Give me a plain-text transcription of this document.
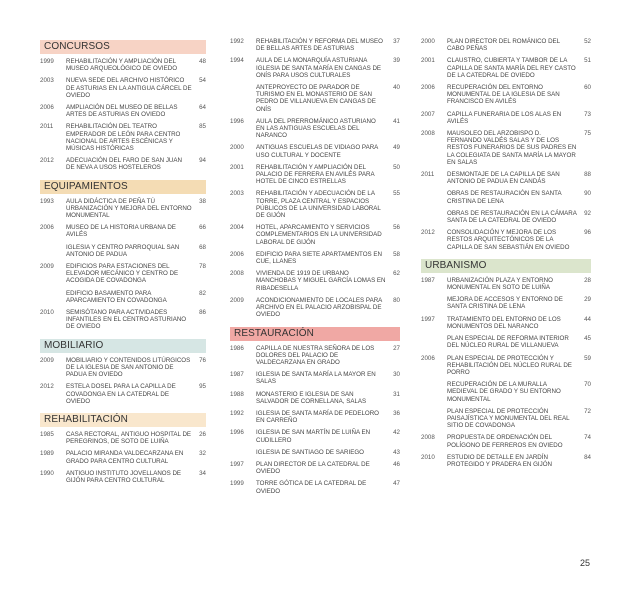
CONCURSOS
1999 REHABILITACIÓN Y AMPLIACIÓN DEL MUSEO ARQUEOLÓGICO DE OVIEDO
48
2003 NUEVA SEDE DEL ARCHIVO HISTÓRICO DE ASTURIAS EN LA ANTIGUA CÁRCEL DE OVIEDO
54
2006 AMPLIACIÓN DEL MUSEO DE BELLAS ARTES DE ASTURIAS EN OVIEDO
64
2011 REHABILITACIÓN DEL TEATRO EMPERADOR DE LEÓN PARA CENTRO NACIONAL DE ARTES ESCÉNICAS Y MÚSICAS HISTÓRICAS
85
2012 ADECUACIÓN DEL FARO DE SAN JUAN DE NEVA A USOS HOSTELEROS
94
EQUIPAMIENTOS
1993 AULA DIDÁCTICA DE PEÑA TÚ URBANIZACIÓN Y MEJORA DEL ENTORNO MONUMENTAL
38
2006 MUSEO DE LA HISTORIA URBANA DE AVILÉS
66
IGLESIA Y CENTRO PARROQUIAL SAN ANTONIO DE PADUA
68
2009 EDIFICIOS PARA ESTACIONES DEL ELEVADOR MECÁNICO Y CENTRO DE ACOGIDA DE COVADONGA
78
EDIFICIO BASAMENTO PARA APARCAMIENTO EN COVADONGA
82
2010 SEMISÓTANO PARA ACTIVIDADES INFANTILES EN EL CENTRO ASTURIANO DE OVIEDO
86
MOBILIARIO
2009 MOBILIARIO Y CONTENIDOS LITÚRGICOS DE LA IGLESIA DE SAN ANTONIO DE PADUA EN OVIEDO
76
2012 ESTELA DOSEL PARA LA CAPILLA DE COVADONGA EN LA CATEDRAL DE OVIEDO
95
REHABILITACIÓN
1985 CASA RECTORAL, ANTIGUO HOSPITAL DE PEREGRINOS, DE SOTO DE LUIÑA
26
1989 PALACIO MIRANDA VALDECARZANA EN GRADO PARA CENTRO CULTURAL
32
1990 ANTIGUO INSTITUTO JOVELLANOS DE GIJÓN PARA CENTRO CULTURAL
34
1992 REHABILITACIÓN Y REFORMA DEL MUSEO DE BELLAS ARTES DE ASTURIAS
37
1994 AULA DE LA MONARQUÍA ASTURIANA IGLESIA DE SANTA MARÍA EN CANGAS DE ONÍS PARA USOS CULTURALES
39
ANTEPROYECTO DE PARADOR DE TURISMO EN EL MONASTERIO DE SAN PEDRO DE VILLANUEVA EN CANGAS DE ONÍS
40
1996 AULA DEL PRERROMÁNICO ASTURIANO EN LAS ANTIGUAS ESCUELAS DEL NARANCO
41
2000 ANTIGUAS ESCUELAS DE VIDIAGO PARA USO CULTURAL Y DOCENTE
49
2001 REHABILITACIÓN Y AMPLIACIÓN DEL PALACIO DE FERRERA EN AVILÉS PARA HOTEL DE CINCO ESTRELLAS
50
2003 REHABILITACIÓN Y ADECUACIÓN DE LA TORRE, PLAZA CENTRAL Y ESPACIOS PÚBLICOS DE LA UNIVERSIDAD LABORAL DE GIJÓN
55
2004 HOTEL, APARCAMIENTO Y SERVICIOS COMPLEMENTARIOS EN LA UNIVERSIDAD LABORAL DE GIJÓN
56
2006 EDIFICIO PARA SIETE APARTAMENTOS EN CUE, LLANES
58
2008 VIVIENDA DE 1919 DE URBANO MANCHOBAS Y MIGUEL GARCÍA LOMAS EN RIBADESELLA
62
2009 ACONDICIONAMIENTO DE LOCALES PARA ARCHIVO EN EL PALACIO ARZOBISPAL DE OVIEDO
80
RESTAURACIÓN
1986 CAPILLA DE NUESTRA SEÑORA DE LOS DOLORES DEL PALACIO DE VALDECARZANA EN GRADO
27
1987 IGLESIA DE SANTA MARÍA LA MAYOR EN SALAS
30
1988 MONASTERIO E IGLESIA DE SAN SALVADOR DE CORNELLANA, SALAS
31
1992 IGLESIA DE SANTA MARÍA DE PEDELORO EN CARREÑO
36
1996 IGLESIA DE SAN MARTÍN DE LUIÑA EN CUDILLERO
42
IGLESIA DE SANTIAGO DE SARIEGO	43
1997 PLAN DIRECTOR DE LA CATEDRAL DE OVIEDO
46
1999 TORRE GÓTICA DE LA CATEDRAL DE OVIEDO
47
2000 PLAN DIRECTOR DEL ROMÁNICO DEL CABO PEÑAS
52
2001 CLAUSTRO, CUBIERTA Y TAMBOR DE LA CAPILLA DE SANTA MARÍA DEL REY CASTO DE LA CATEDRAL DE OVIEDO
51
2006 RECUPERACIÓN DEL ENTORNO MONUMENTAL DE LA IGLESIA DE SAN FRANCISCO EN AVILÉS
60
2007 CAPILLA FUNERARIA DE LOS ALAS EN AVILÉS
73
2008 MAUSOLEO DEL ARZOBISPO D. FERNANDO VALDÉS SALAS Y DE LOS RESTOS FUNERARIOS DE SUS PADRES EN LA COLEGIATA DE SANTA MARÍA LA MAYOR EN SALAS
75
2011 DESMONTAJE DE LA CAPILLA DE SAN ANTONIO DE PADUA EN CANDÁS
88
OBRAS DE RESTAURACIÓN EN SANTA CRISTINA DE LENA
90
OBRAS DE RESTAURACIÓN EN LA CÁMARA SANTA DE LA CATEDRAL DE OVIEDO
92
2012 CONSOLIDACIÓN Y MEJORA DE LOS RESTOS ARQUITECTÓNICOS DE LA CAPILLA DE SAN SEBASTIÁN EN OVIEDO
96
URBANISMO
1987 URBANIZACIÓN PLAZA Y ENTORNO MONUMENTAL EN SOTO DE LUIÑA
28
MEJORA DE ACCESOS Y ENTORNO DE SANTA CRISTINA DE LENA
29
1997 TRATAMIENTO DEL ENTORNO DE LOS MONUMENTOS DEL NARANCO
44
PLAN ESPECIAL DE REFORMA INTERIOR DEL NÚCLEO RURAL DE VILLANUEVA
45
2006 PLAN ESPECIAL DE PROTECCIÓN Y REHABILITACIÓN DEL NÚCLEO RURAL DE PORRO
59
RECUPERACIÓN DE LA MURALLA MEDIEVAL DE GRADO Y SU ENTORNO MONUMENTAL
70
PLAN ESPECIAL DE PROTECCIÓN PAISAJÍSTICA Y MONUMENTAL DEL REAL SITIO DE COVADONGA
72
2008 PROPUESTA DE ORDENACIÓN DEL POLÍGONO DE FERREROS EN OVIEDO
74
2010 ESTUDIO DE DETALLE EN JARDÍN PROTEGIDO Y PRADERA EN GIJÓN
84
25
